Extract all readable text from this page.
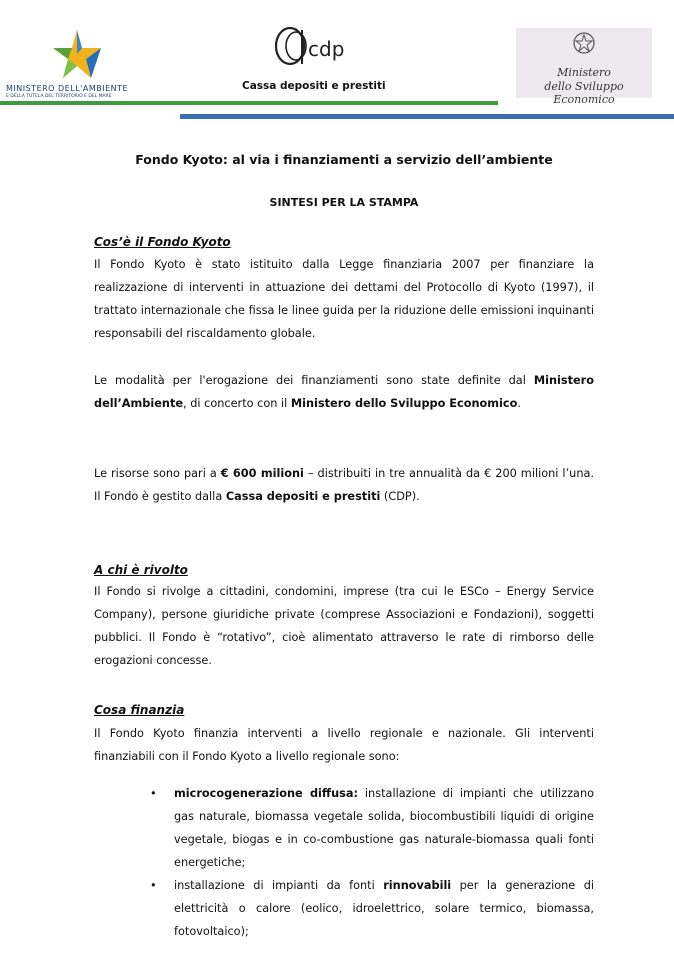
MINISTERO DELL'AMBIENTE
E DELLA TUTELA DEL TERRITORIO E DEL MARE
cdp
Cassa depositi e prestiti
Ministero
dello Sviluppo Economico
Fondo Kyoto: al via i finanziamenti a servizio dell’ambiente
SINTESI PER LA STAMPA
Cos’è il Fondo Kyoto

Il Fondo Kyoto è stato istituito dalla Legge finanziaria 2007 per finanziare la realizzazione di interventi in attuazione dei dettami del Protocollo di Kyoto (1997), il trattato internazionale che fissa le linee guida per la riduzione delle emissioni inquinanti responsabili del riscaldamento globale.

Le modalità per l'erogazione dei finanziamenti sono state definite dal Ministero dell’Ambiente, di concerto con il Ministero dello Sviluppo Economico.

Le risorse sono pari a € 600 milioni – distribuiti in tre annualità da € 200 milioni l’una. Il Fondo è gestito dalla Cassa depositi e prestiti (CDP).

A chi è rivolto

Il Fondo si rivolge a cittadini, condomini, imprese (tra cui le ESCo – Energy Service Company), persone giuridiche private (comprese Associazioni e Fondazioni), soggetti pubblici. Il Fondo è “rotativo”, cioè alimentato attraverso le rate di rimborso delle erogazioni concesse.

Cosa finanzia

Il Fondo Kyoto finanzia interventi a livello regionale e nazionale. Gli interventi finanziabili con il Fondo Kyoto a livello regionale sono:

• microcogenerazione diffusa: installazione di impianti che utilizzano gas naturale, biomassa vegetale solida, biocombustibili liquidi di origine vegetale, biogas e in co-combustione gas naturale-biomassa quali fonti energetiche;
• installazione di impianti da fonti rinnovabili per la generazione di elettricità o calore (eolico, idroelettrico, solare termico, biomassa, fotovoltaico);
